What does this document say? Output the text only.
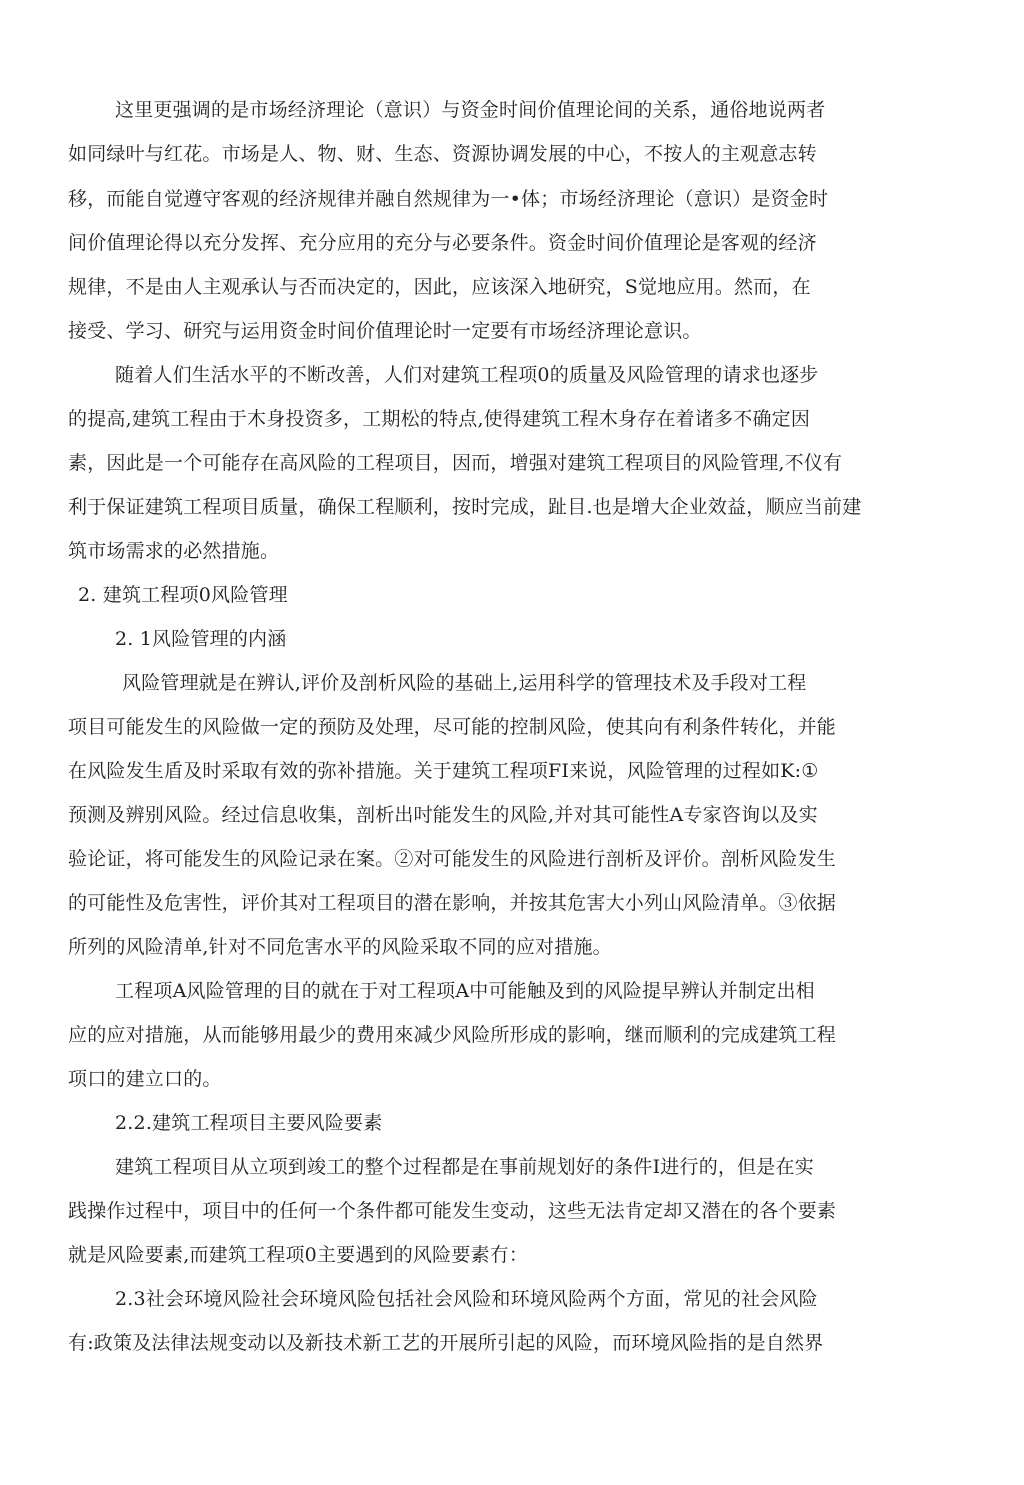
这里更强调的是市场经济理论（意识）与资金时间价值理论间的关系，通俗地说两者
如同绿叶与红花。市场是人、物、财、生态、资源协调发展的中心，不按人的主观意志转
移，而能自觉遵守客观的经济规律并融自然规律为一•体；市场经济理论（意识）是资金时
间价值理论得以充分发挥、充分应用的充分与必要条件。资金时间价值理论是客观的经济
规律，不是由人主观承认与否而决定的，因此，应该深入地研究，S觉地应用。然而，在
接受、学习、研究与运用资金时间价值理论时一定要有市场经济理论意识。
随着人们生活水平的不断改善，人们对建筑工程项0的质量及风险管理的请求也逐步
的提高,建筑工程由于木身投资多，工期松的特点,使得建筑工程木身存在着诸多不确定因
素，因此是一个可能存在高风险的工程项目，因而，增强对建筑工程项目的风险管理,不仪有
利于保证建筑工程项目质量，确保工程顺利，按时完成，趾目.也是增大企业效益，顺应当前建
筑市场需求的必然措施。
2. 建筑工程项0风险管理
2. 1风险管理的内涵
风险管理就是在辨认,评价及剖析风险的基础上,运用科学的管理技术及手段对工程
项目可能发生的风险做一定的预防及处理，尽可能的控制风险，使其向有利条件转化，并能
在风险发生盾及时采取有效的弥补措施。关于建筑工程项FI来说，风险管理的过程如K:①
预测及辨别风险。经过信息收集，剖析出吋能发生的风险,并对其可能性A专家咨询以及实
验论证，将可能发生的风险记录在案。②对可能发生的风险进行剖析及评价。剖析风险发生
的可能性及危害性，评价其对工程项目的潜在影响，并按其危害大小列山风险清单。③依据
所列的风险清单,针对不同危害水平的风险采取不同的应对措施。
工程项A风险管理的目的就在于对工程项A中可能触及到的风险提早辨认并制定出相
应的应对措施，从而能够用最少的费用來减少风险所形成的影响，继而顺利的完成建筑工程
项口的建立口的。
2.2.建筑工程项目主要风险要素
建筑工程项目从立项到竣工的整个过程都是在事前规划好的条件I进行的，但是在实
践操作过程中，项目中的任何一个条件都可能发生变动，这些无法肯定却又潜在的各个要素
就是风险要素,而建筑工程项0主要遇到的风险要素冇：
2.3社会环境风险社会环境风险包括社会风险和环境风险两个方面，常见的社会风险
有:政策及法律法规变动以及新技术新工艺的开展所引起的风险，而环境风险指的是自然界
